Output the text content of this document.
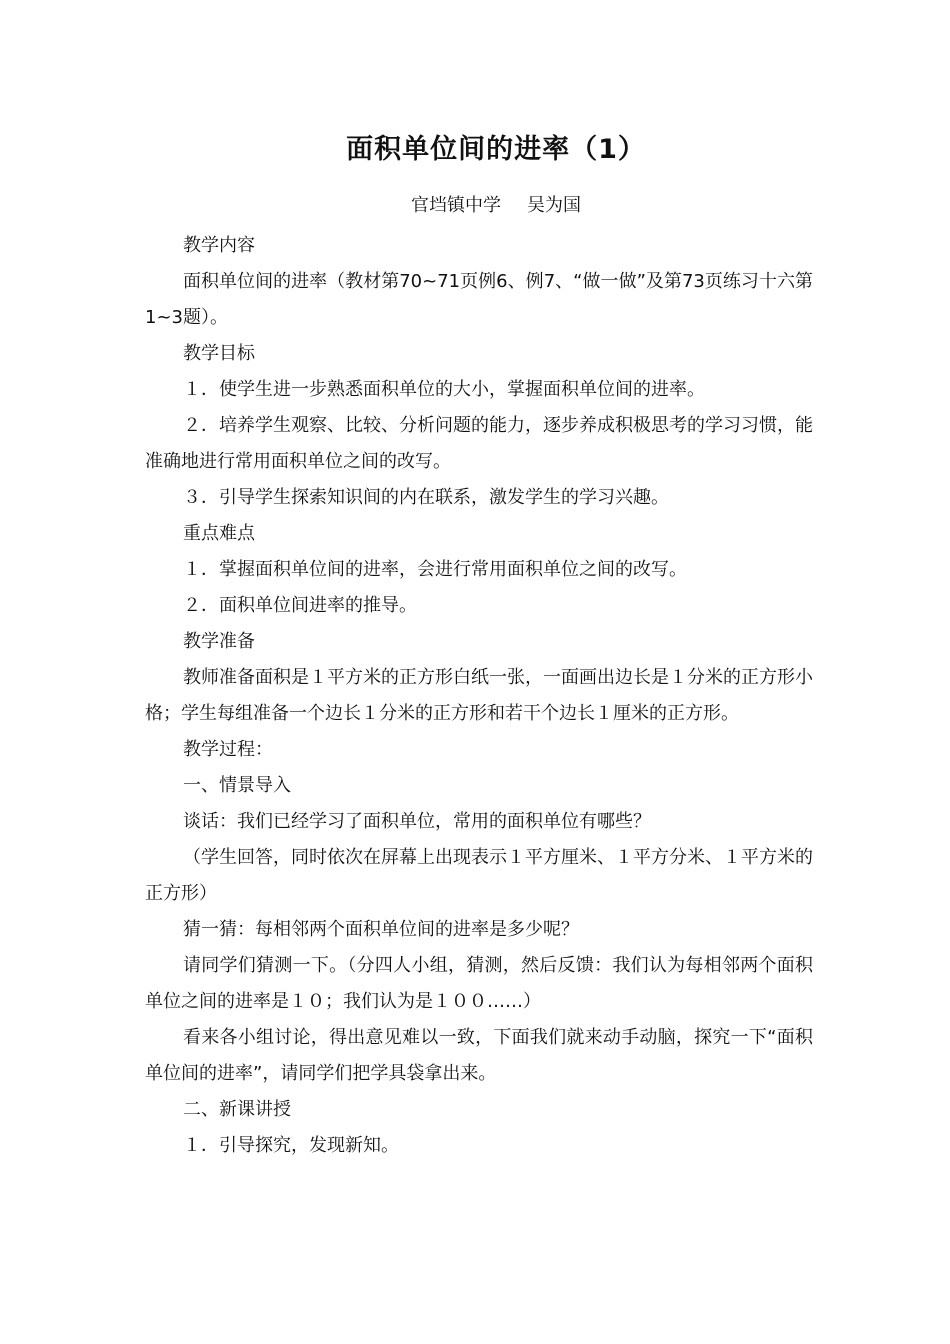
面积单位间的进率（1）
官垱镇中学 吴为国

教学内容

面积单位间的进率（教材第70~71页例6、例7、“做一做”及第73页练习十六第1~3题）。

教学目标

１．使学生进一步熟悉面积单位的大小，掌握面积单位间的进率。

２．培养学生观察、比较、分析问题的能力，逐步养成积极思考的学习习惯，能准确地进行常用面积单位之间的改写。

３．引导学生探索知识间的内在联系，激发学生的学习兴趣。

重点难点

１．掌握面积单位间的进率，会进行常用面积单位之间的改写。

２．面积单位间进率的推导。

教学准备

教师准备面积是１平方米的正方形白纸一张，一面画出边长是１分米的正方形小格；学生每组准备一个边长１分米的正方形和若干个边长１厘米的正方形。

教学过程：

一、情景导入

谈话：我们已经学习了面积单位，常用的面积单位有哪些？

（学生回答，同时依次在屏幕上出现表示１平方厘米、１平方分米、１平方米的正方形）

猜一猜：每相邻两个面积单位间的进率是多少呢？

请同学们猜测一下。（分四人小组，猜测，然后反馈：我们认为每相邻两个面积单位之间的进率是１０；我们认为是１００……）

看来各小组讨论，得出意见难以一致，下面我们就来动手动脑，探究一下“面积单位间的进率”，请同学们把学具袋拿出来。

二、新课讲授

１．引导探究，发现新知。
